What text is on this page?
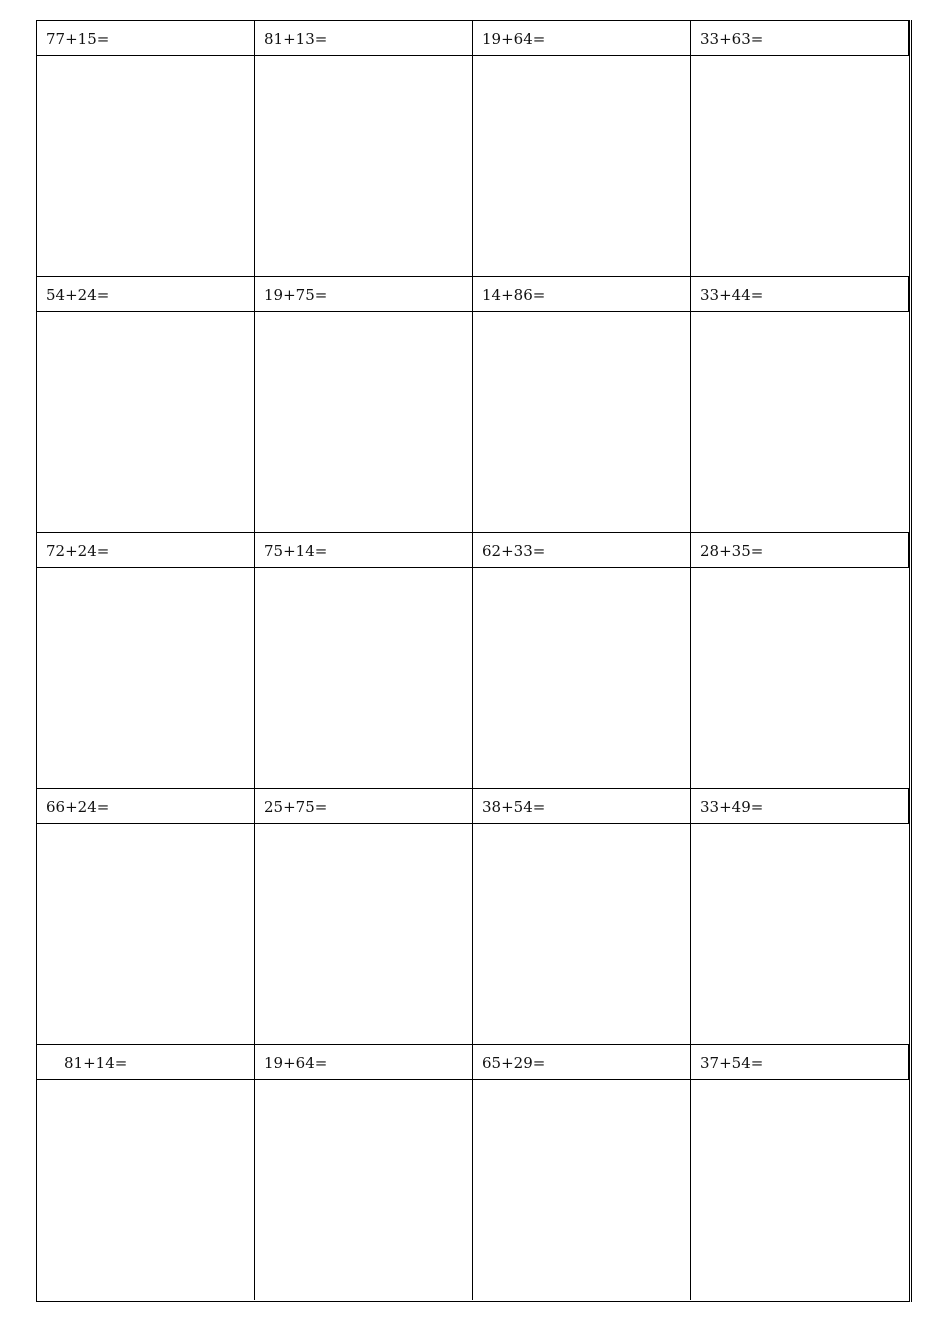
77+15=	81+13=	19+64=	33+63=
54+24=	19+75=	14+86=	33+44=
72+24=	75+14=	62+33=	28+35=
66+24=	25+75=	38+54=	33+49=
81+14=	19+64=	65+29=	37+54=
